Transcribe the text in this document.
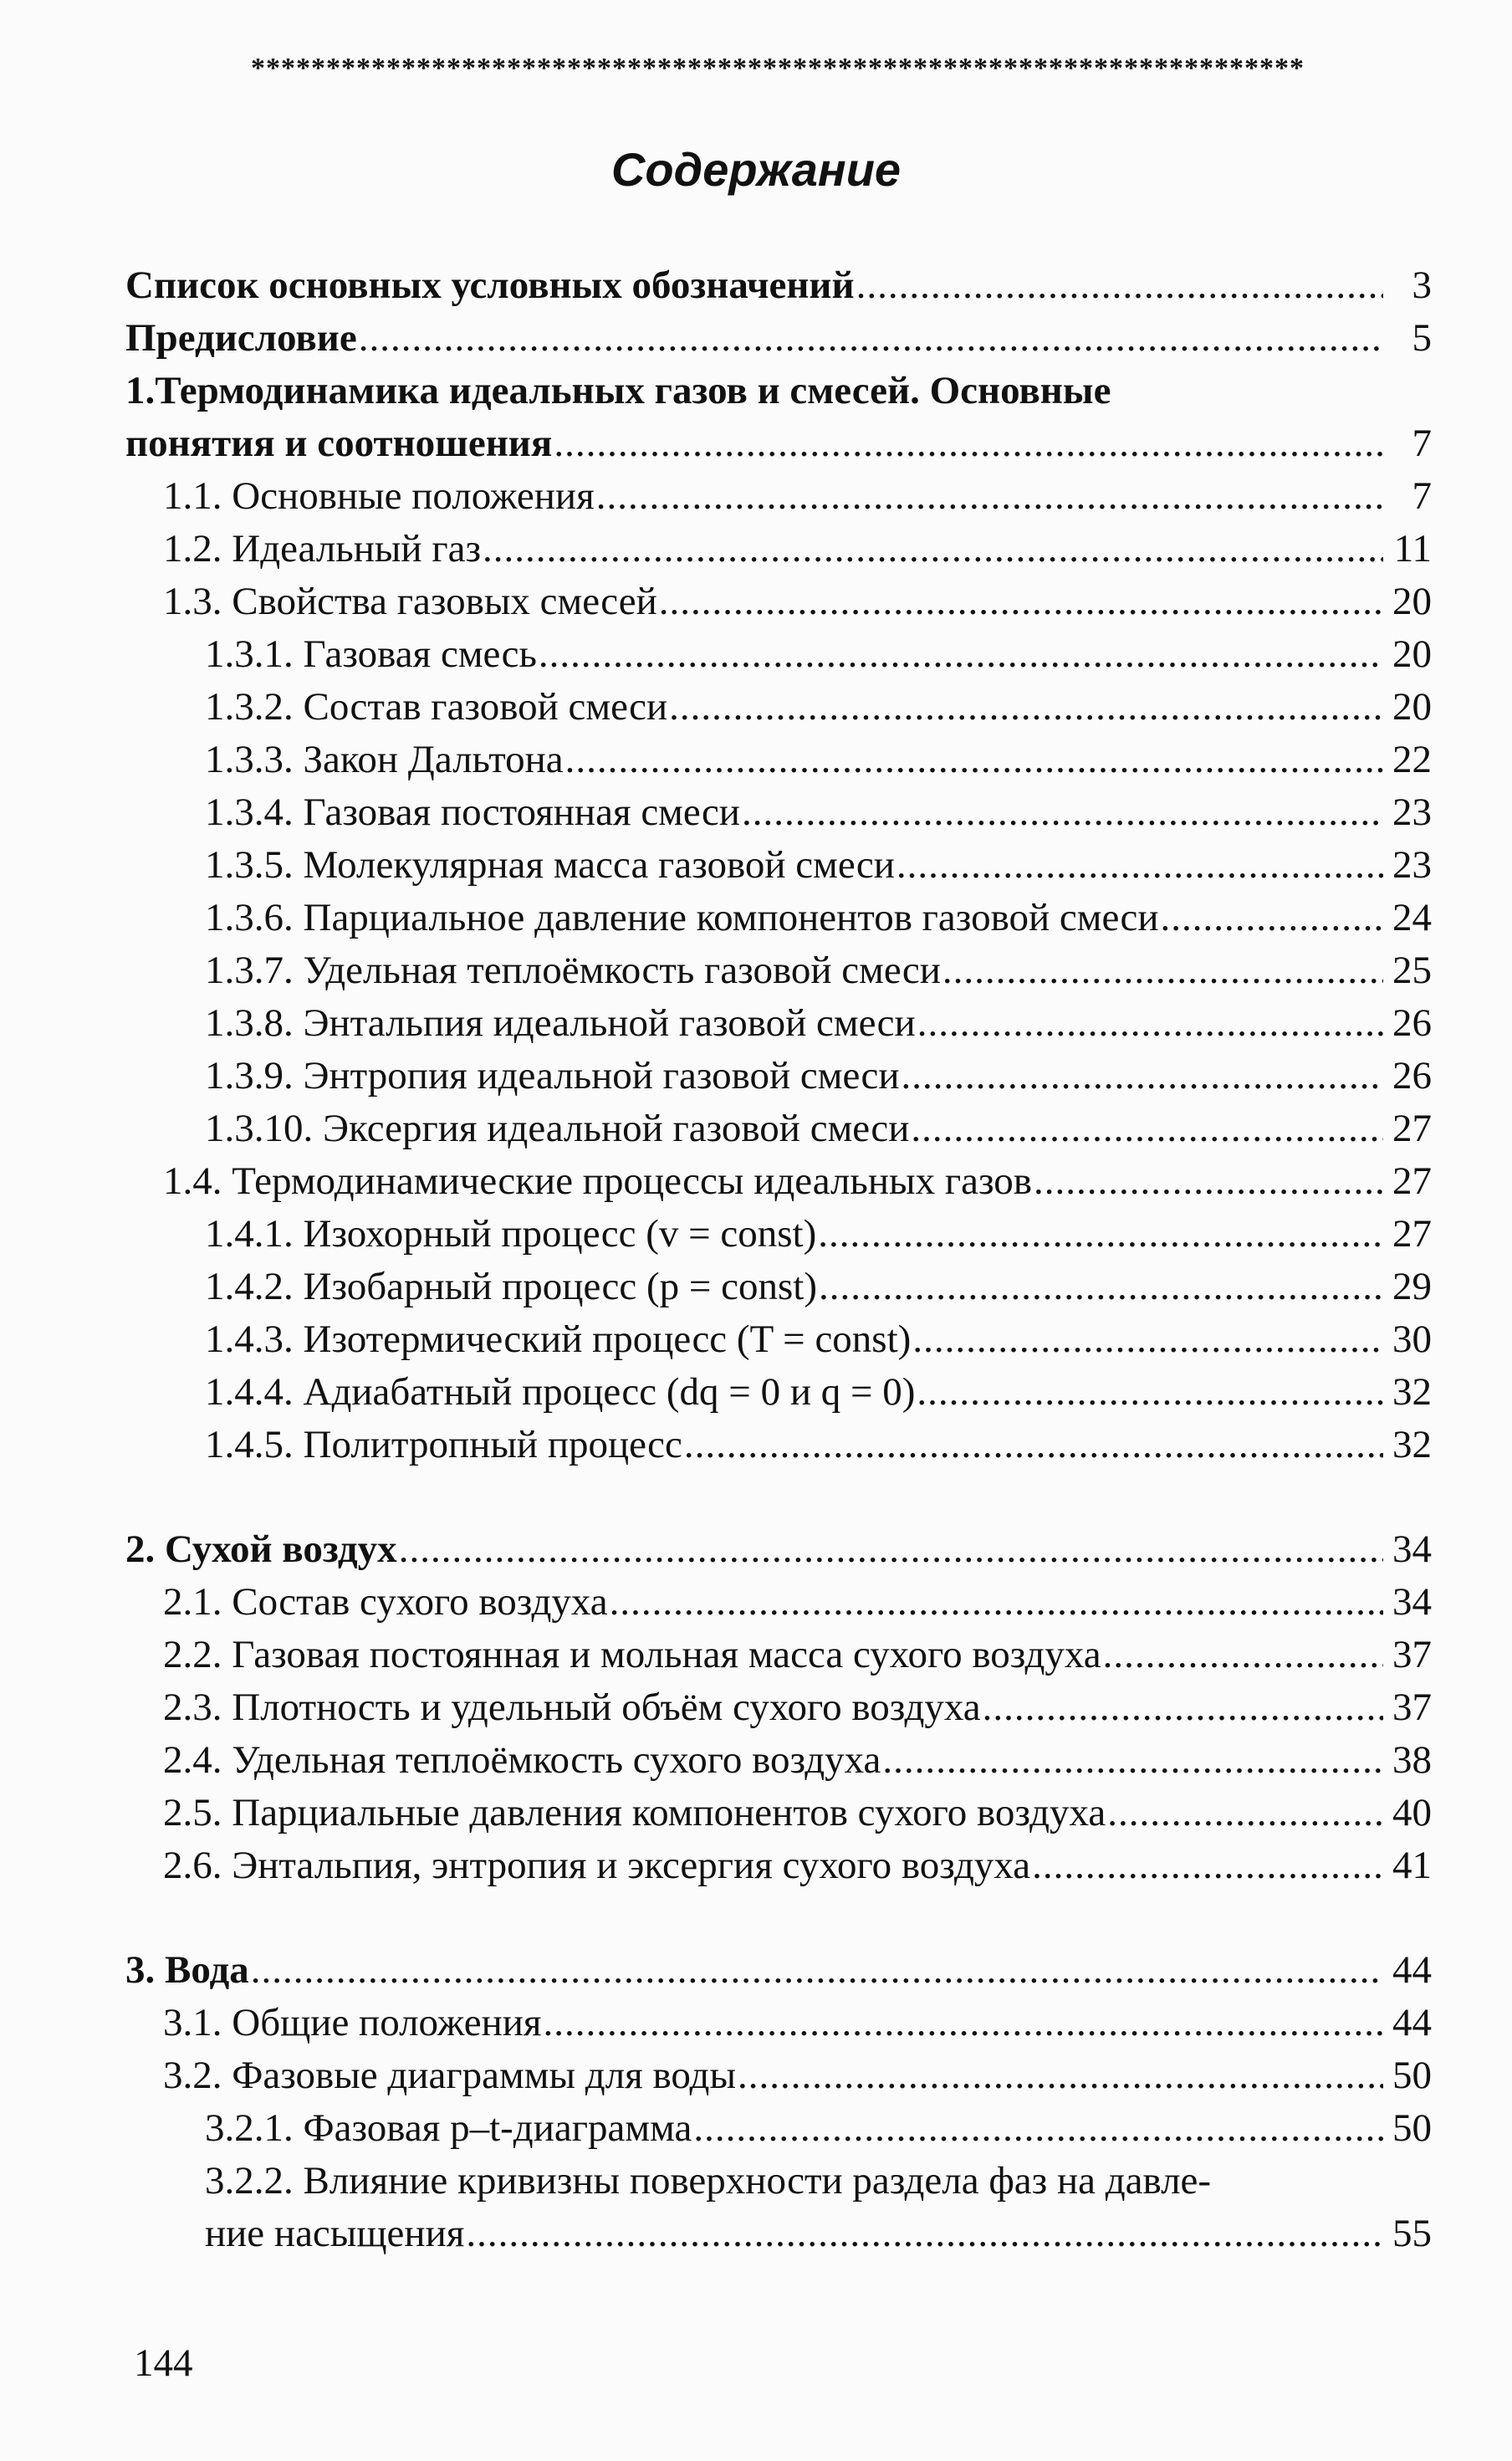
**********************************************************************
Содержание
Список основных условных обозначений .....	3
Предисловие .....	5
1.Термодинамика идеальных газов и смесей. Основные
понятия и соотношения .....	7
1.1. Основные положения .....	7
1.2. Идеальный газ .....	11
1.3. Свойства газовых смесей .....	20
1.3.1. Газовая смесь .....	20
1.3.2. Состав газовой смеси .....	20
1.3.3. Закон Дальтона .....	22
1.3.4. Газовая постоянная смеси .....	23
1.3.5. Молекулярная масса газовой смеси .....	23
1.3.6. Парциальное давление компонентов газовой смеси .....	24
1.3.7. Удельная теплоёмкость газовой смеси .....	25
1.3.8. Энтальпия идеальной газовой смеси .....	26
1.3.9. Энтропия идеальной газовой смеси .....	26
1.3.10. Эксергия идеальной газовой смеси .....	27
1.4. Термодинамические процессы идеальных газов .....	27
1.4.1. Изохорный процесс (v = const) .....	27
1.4.2. Изобарный процесс (p = const) .....	29
1.4.3. Изотермический процесс (T = const) .....	30
1.4.4. Адиабатный процесс (dq = 0 и q = 0) .....	32
1.4.5. Политропный процесс .....	32
2. Сухой воздух .....	34
2.1. Состав сухого воздуха .....	34
2.2. Газовая постоянная и мольная масса сухого воздуха .....	37
2.3. Плотность и удельный объём сухого воздуха .....	37
2.4. Удельная теплоёмкость сухого воздуха .....	38
2.5. Парциальные давления компонентов сухого воздуха .....	40
2.6. Энтальпия, энтропия и эксергия сухого воздуха .....	41
3. Вода .....	44
3.1. Общие положения .....	44
3.2. Фазовые диаграммы для воды .....	50
3.2.1. Фазовая p–t-диаграмма .....	50
3.2.2. Влияние кривизны поверхности раздела фаз на давле-
ние насыщения .....	55
144
